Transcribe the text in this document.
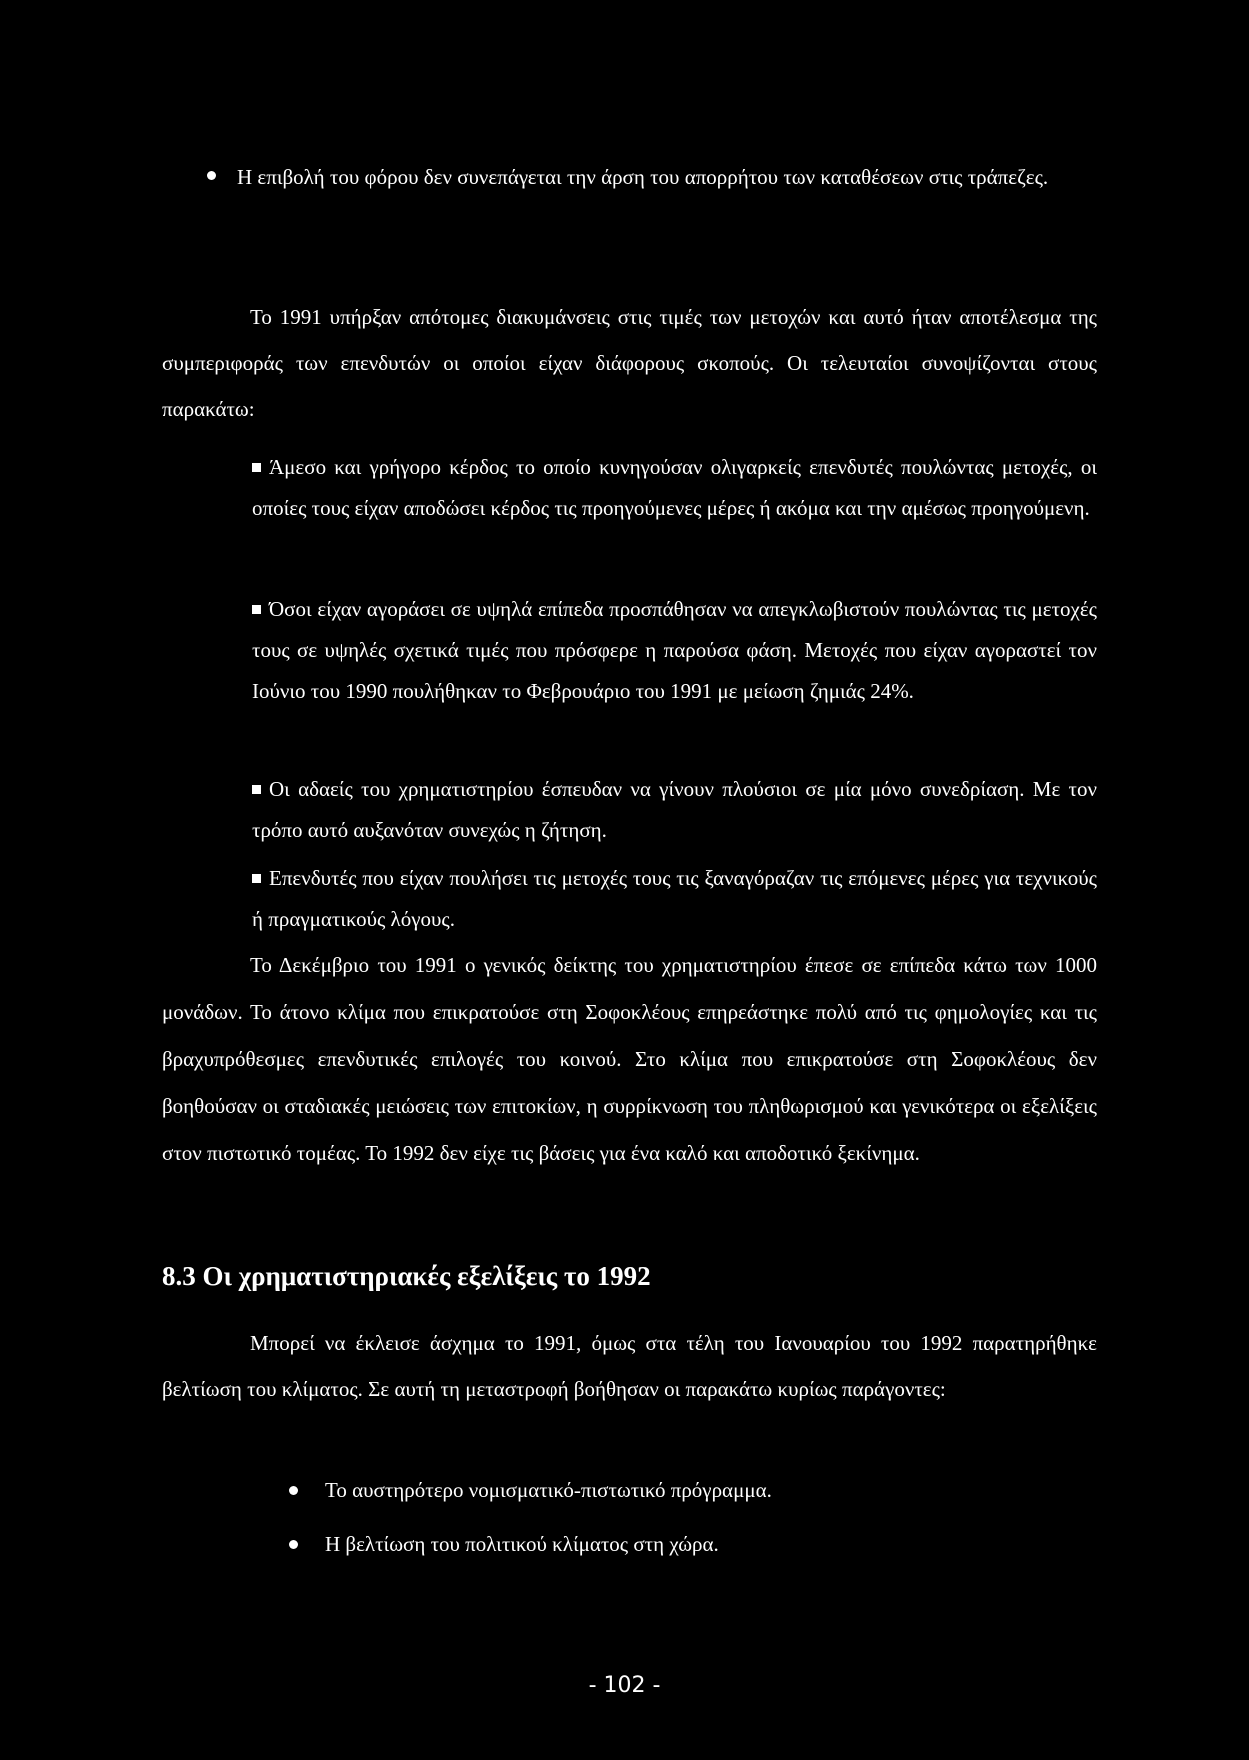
Η επιβολή του φόρου δεν συνεπάγεται την άρση του απορρήτου των καταθέσεων στις τράπεζες.

Το 1991 υπήρξαν απότομες διακυμάνσεις στις τιμές των μετοχών και αυτό ήταν αποτέλεσμα της συμπεριφοράς των επενδυτών οι οποίοι είχαν διάφορους σκοπούς. Οι τελευταίοι συνοψίζονται στους παρακάτω:

Άμεσο και γρήγορο κέρδος το οποίο κυνηγούσαν ολιγαρκείς επενδυτές πουλώντας μετοχές, οι οποίες τους είχαν αποδώσει κέρδος τις προηγούμενες μέρες ή ακόμα και την αμέσως προηγούμενη.

Όσοι είχαν αγοράσει σε υψηλά επίπεδα προσπάθησαν να απεγκλωβιστούν πουλώντας τις μετοχές τους σε υψηλές σχετικά τιμές που πρόσφερε η παρούσα φάση. Μετοχές που είχαν αγοραστεί τον Ιούνιο του 1990 πουλήθηκαν το Φεβρουάριο του 1991 με μείωση ζημιάς 24%.

Οι αδαείς του χρηματιστηρίου έσπευδαν να γίνουν πλούσιοι σε μία μόνο συνεδρίαση. Με τον τρόπο αυτό αυξανόταν συνεχώς η ζήτηση.

Επενδυτές που είχαν πουλήσει τις μετοχές τους τις ξαναγόραζαν τις επόμενες μέρες για τεχνικούς ή πραγματικούς λόγους.

Το Δεκέμβριο του 1991 ο γενικός δείκτης του χρηματιστηρίου έπεσε σε επίπεδα κάτω των 1000 μονάδων. Το άτονο κλίμα που επικρατούσε στη Σοφοκλέους επηρεάστηκε πολύ από τις φημολογίες και τις βραχυπρόθεσμες επενδυτικές επιλογές του κοινού. Στο κλίμα που επικρατούσε στη Σοφοκλέους δεν βοηθούσαν οι σταδιακές μειώσεις των επιτοκίων, η συρρίκνωση του πληθωρισμού και γενικότερα οι εξελίξεις στον πιστωτικό τομέας. Το 1992 δεν είχε τις βάσεις για ένα καλό και αποδοτικό ξεκίνημα.

8.3 Οι χρηματιστηριακές εξελίξεις το 1992

Μπορεί να έκλεισε άσχημα το 1991, όμως στα τέλη του Ιανουαρίου του 1992 παρατηρήθηκε βελτίωση του κλίματος. Σε αυτή τη μεταστροφή βοήθησαν οι παρακάτω κυρίως παράγοντες:

Το αυστηρότερο νομισματικό-πιστωτικό πρόγραμμα.

Η βελτίωση του πολιτικού κλίματος στη χώρα.

- 102 -
